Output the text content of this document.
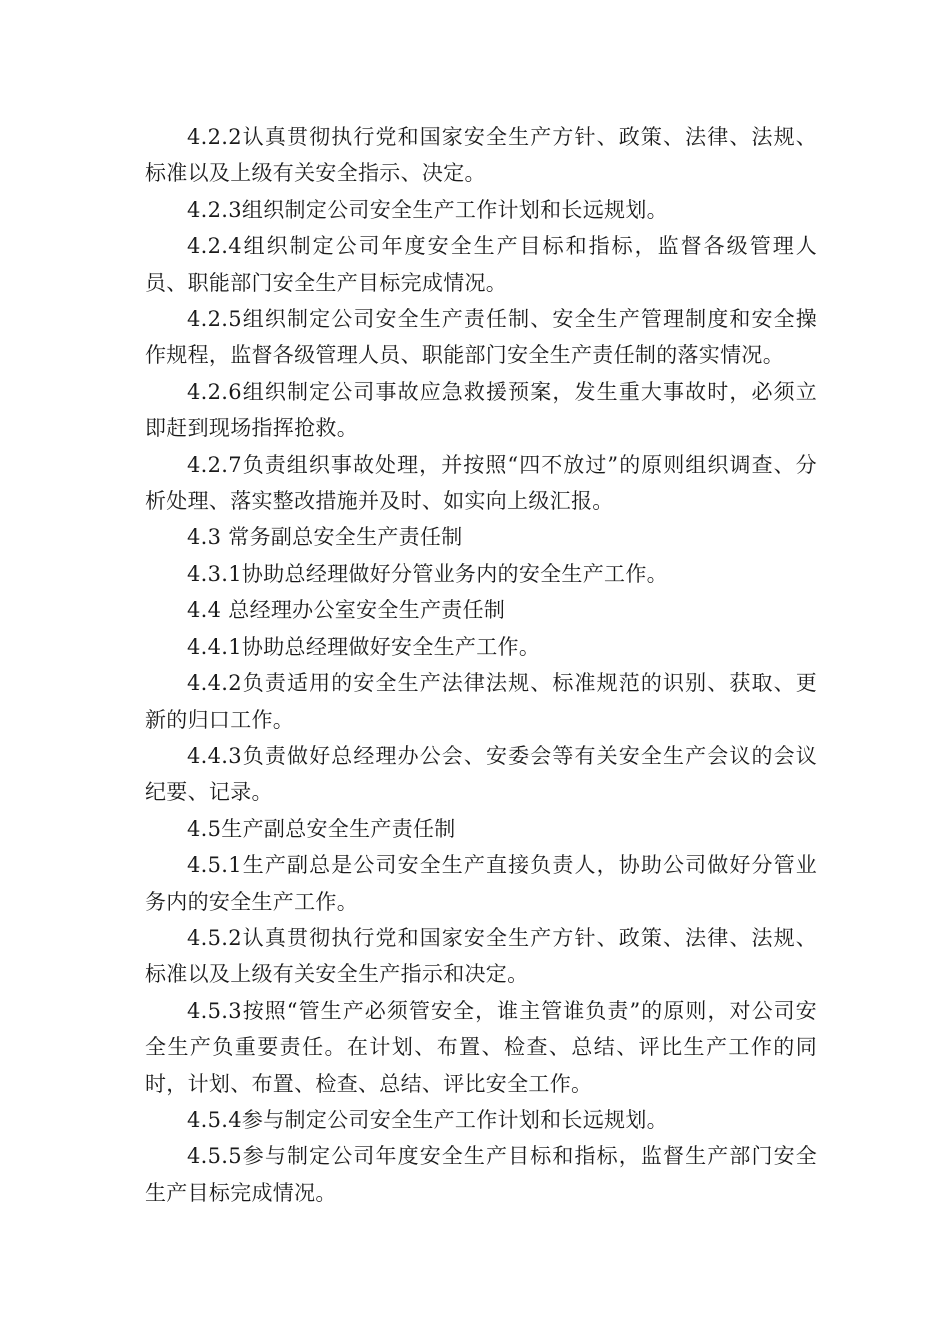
4.2.2认真贯彻执行党和国家安全生产方针、政策、法律、法规、标准以及上级有关安全指示、决定。

4.2.3组织制定公司安全生产工作计划和长远规划。

4.2.4组织制定公司年度安全生产目标和指标，监督各级管理人员、职能部门安全生产目标完成情况。

4.2.5组织制定公司安全生产责任制、安全生产管理制度和安全操作规程，监督各级管理人员、职能部门安全生产责任制的落实情况。

4.2.6组织制定公司事故应急救援预案，发生重大事故时，必须立即赶到现场指挥抢救。

4.2.7负责组织事故处理，并按照“四不放过”的原则组织调查、分析处理、落实整改措施并及时、如实向上级汇报。

4.3 常务副总安全生产责任制

4.3.1协助总经理做好分管业务内的安全生产工作。

4.4 总经理办公室安全生产责任制

4.4.1协助总经理做好安全生产工作。

4.4.2负责适用的安全生产法律法规、标准规范的识别、获取、更新的归口工作。

4.4.3负责做好总经理办公会、安委会等有关安全生产会议的会议纪要、记录。

4.5生产副总安全生产责任制

4.5.1生产副总是公司安全生产直接负责人，协助公司做好分管业务内的安全生产工作。

4.5.2认真贯彻执行党和国家安全生产方针、政策、法律、法规、标准以及上级有关安全生产指示和决定。

4.5.3按照“管生产必须管安全，谁主管谁负责”的原则，对公司安全生产负重要责任。在计划、布置、检查、总结、评比生产工作的同时，计划、布置、检查、总结、评比安全工作。

4.5.4参与制定公司安全生产工作计划和长远规划。

4.5.5参与制定公司年度安全生产目标和指标，监督生产部门安全生产目标完成情况。
